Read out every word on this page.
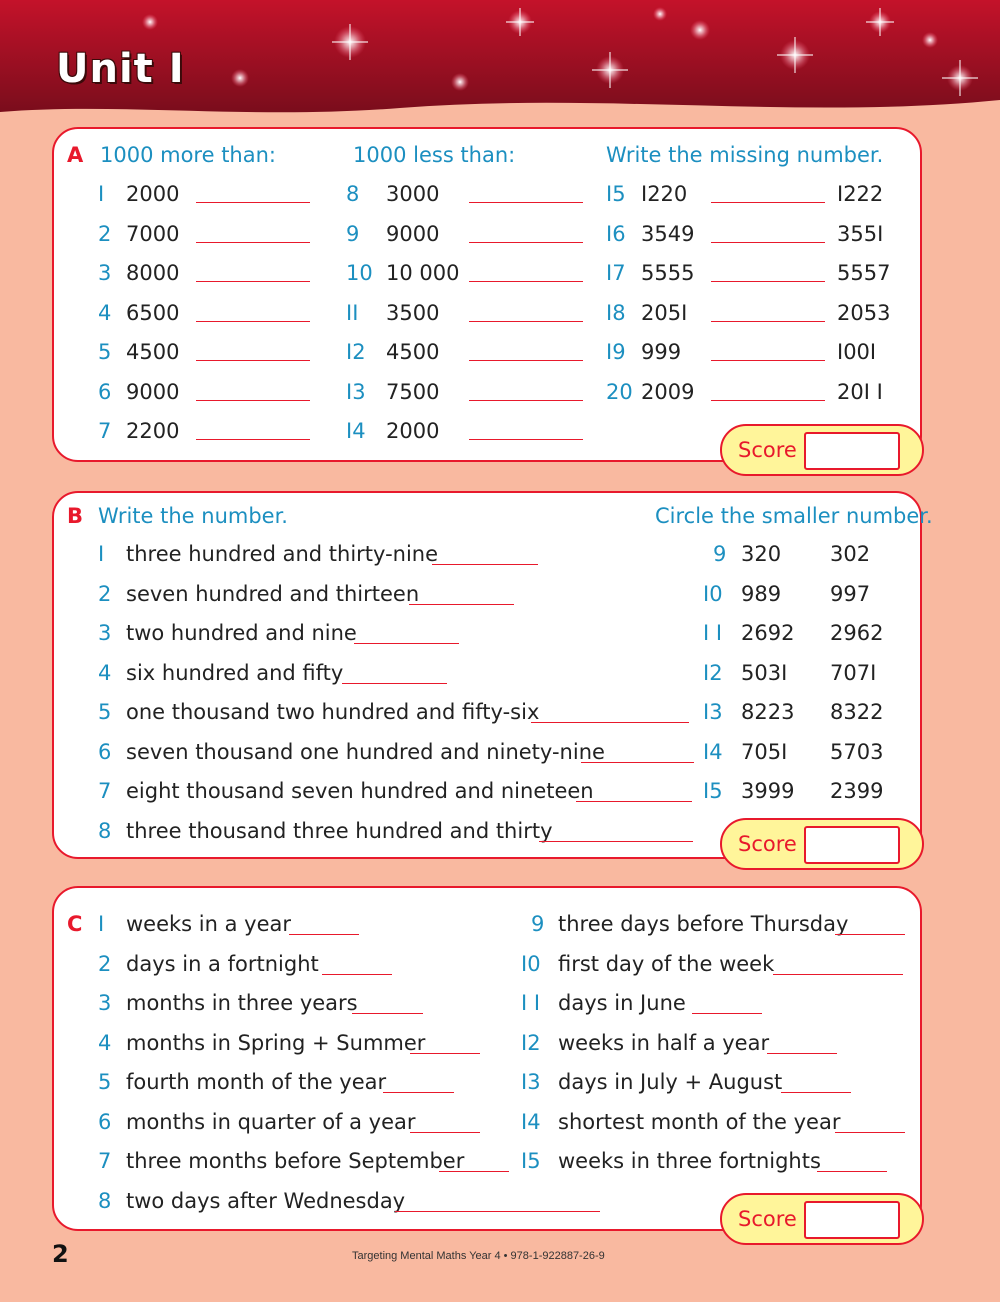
Unit I
A 1000 more than:	1000 less than:	Write the missing number.
I 2000
2 7000
3 8000
4 6500
5 4500
6 9000
7 2200
8 3000
9 9000
10 10 000
II 3500
I2 4500
I3 7500
I4 2000
I5 I220	I222
I6 3549	355I
I7 5555	5557
I8 205I	2053
I9 999	I00I
20 2009	20I I
Score
B Write the number.	Circle the smaller number.
I three hundred and thirty-nine
2 seven hundred and thirteen
3 two hundred and nine
4 six hundred and fifty
5 one thousand two hundred and fifty-six
6 seven thousand one hundred and ninety-nine
7 eight thousand seven hundred and nineteen
8 three thousand three hundred and thirty
9 320 302
I0 989 997
I I 2692 2962
I2 503I 707I
I3 8223 8322
I4 705I 5703
I5 3999 2399
Score
C I weeks in a year
2 days in a fortnight
3 months in three years
4 months in Spring + Summer
5 fourth month of the year
6 months in quarter of a year
7 three months before September
8 two days after Wednesday
9 three days before Thursday
I0 first day of the week
I I days in June
I2 weeks in half a year
I3 days in July + August
I4 shortest month of the year
I5 weeks in three fortnights
Score
2	Targeting Mental Maths Year 4 • 978-1-922887-26-9
